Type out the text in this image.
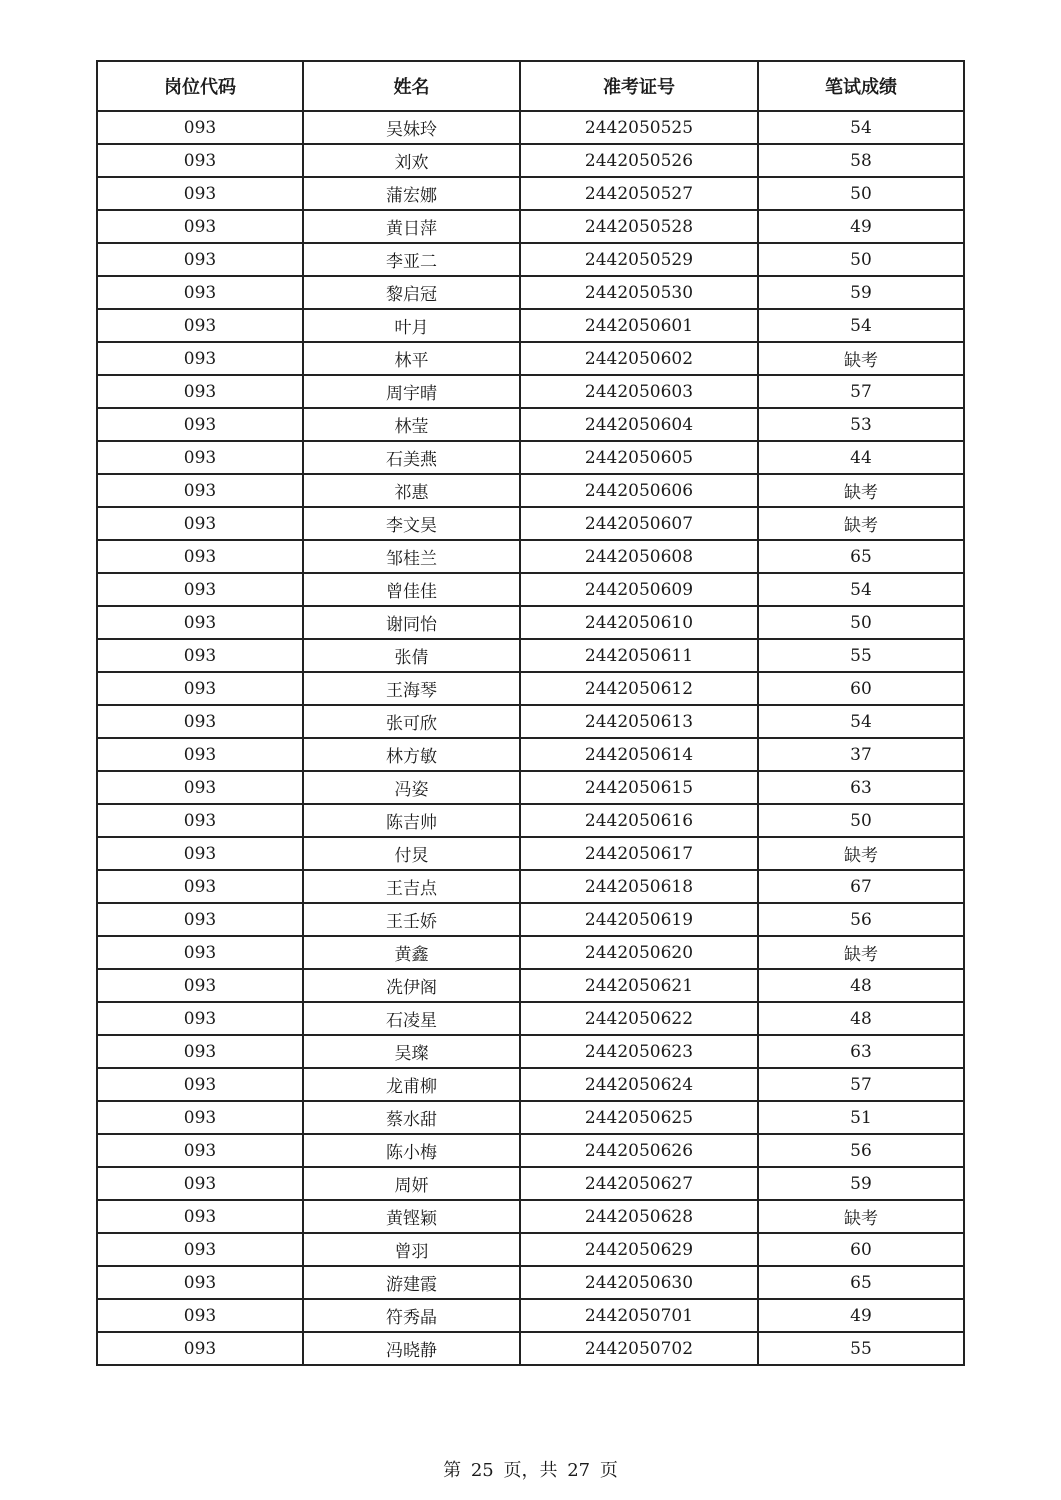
岗位代码	姓名	准考证号	笔试成绩
093	吴妹玲	2442050525	54
093	刘欢	2442050526	58
093	蒲宏娜	2442050527	50
093	黄日萍	2442050528	49
093	李亚二	2442050529	50
093	黎启冠	2442050530	59
093	叶月	2442050601	54
093	林平	2442050602	缺考
093	周宇晴	2442050603	57
093	林莹	2442050604	53
093	石美燕	2442050605	44
093	祁惠	2442050606	缺考
093	李文昊	2442050607	缺考
093	邹桂兰	2442050608	65
093	曾佳佳	2442050609	54
093	谢同怡	2442050610	50
093	张倩	2442050611	55
093	王海琴	2442050612	60
093	张可欣	2442050613	54
093	林方敏	2442050614	37
093	冯姿	2442050615	63
093	陈吉帅	2442050616	50
093	付炅	2442050617	缺考
093	王吉点	2442050618	67
093	王壬娇	2442050619	56
093	黄鑫	2442050620	缺考
093	冼伊阁	2442050621	48
093	石凌星	2442050622	48
093	吴璨	2442050623	63
093	龙甫柳	2442050624	57
093	蔡水甜	2442050625	51
093	陈小梅	2442050626	56
093	周妍	2442050627	59
093	黄铿颖	2442050628	缺考
093	曾羽	2442050629	60
093	游建霞	2442050630	65
093	符秀晶	2442050701	49
093	冯晓静	2442050702	55
第 25 页，共 27 页
